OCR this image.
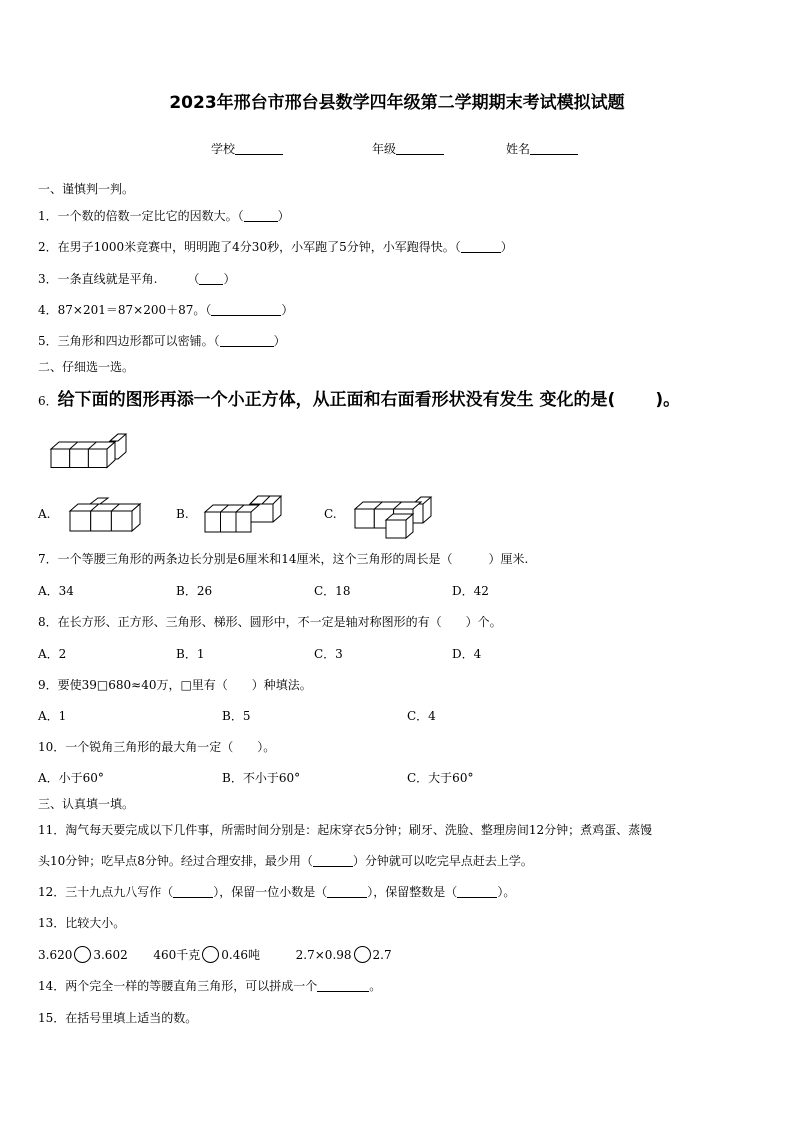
2023年邢台市邢台县数学四年级第二学期期末考试模拟试题
学校	年级	姓名
一、谨慎判一判。
1．一个数的倍数一定比它的因数大。（	）
2．在男子1000米竞赛中，明明跑了4分30秒，小军跑了5分钟，小军跑得快。（	）
3．一条直线就是平角.　　　（ ）
4．87×201＝87×200＋87。（	）
5．三角形和四边形都可以密铺。（	）
二、仔细选一选。
6．给下面的图形再添一个小正方体，从正面和右面看形状没有发生 变化的是( )。
A.	B.	C.
7．一个等腰三角形的两条边长分别是6厘米和14厘米，这个三角形的周长是（　　　）厘米.
A．34	B．26	C．18	D．42
8．在长方形、正方形、三角形、梯形、圆形中，不一定是轴对称图形的有（　　）个。
A．2	B．1	C．3	D．4
9．要使39□680≈40万，□里有（　　）种填法。
A．1	B．5	C．4
10．一个锐角三角形的最大角一定（　　）。
A．小于60°	B．不小于60°	C．大于60°
三、认真填一填。
11．淘气每天要完成以下几件事，所需时间分别是：起床穿衣5分钟；刷牙、洗脸、整理房间12分钟；煮鸡蛋、蒸馒
头10分钟；吃早点8分钟。经过合理安排，最少用（	）分钟就可以吃完早点赶去上学。
12．三十九点九八写作（	），保留一位小数是（	），保留整数是（	）。
13．比较大小。
3.620 3.602 460千克 0.46吨	2.7×0.98 2.7
14．两个完全一样的等腰直角三角形，可以拼成一个	。
15．在括号里填上适当的数。
